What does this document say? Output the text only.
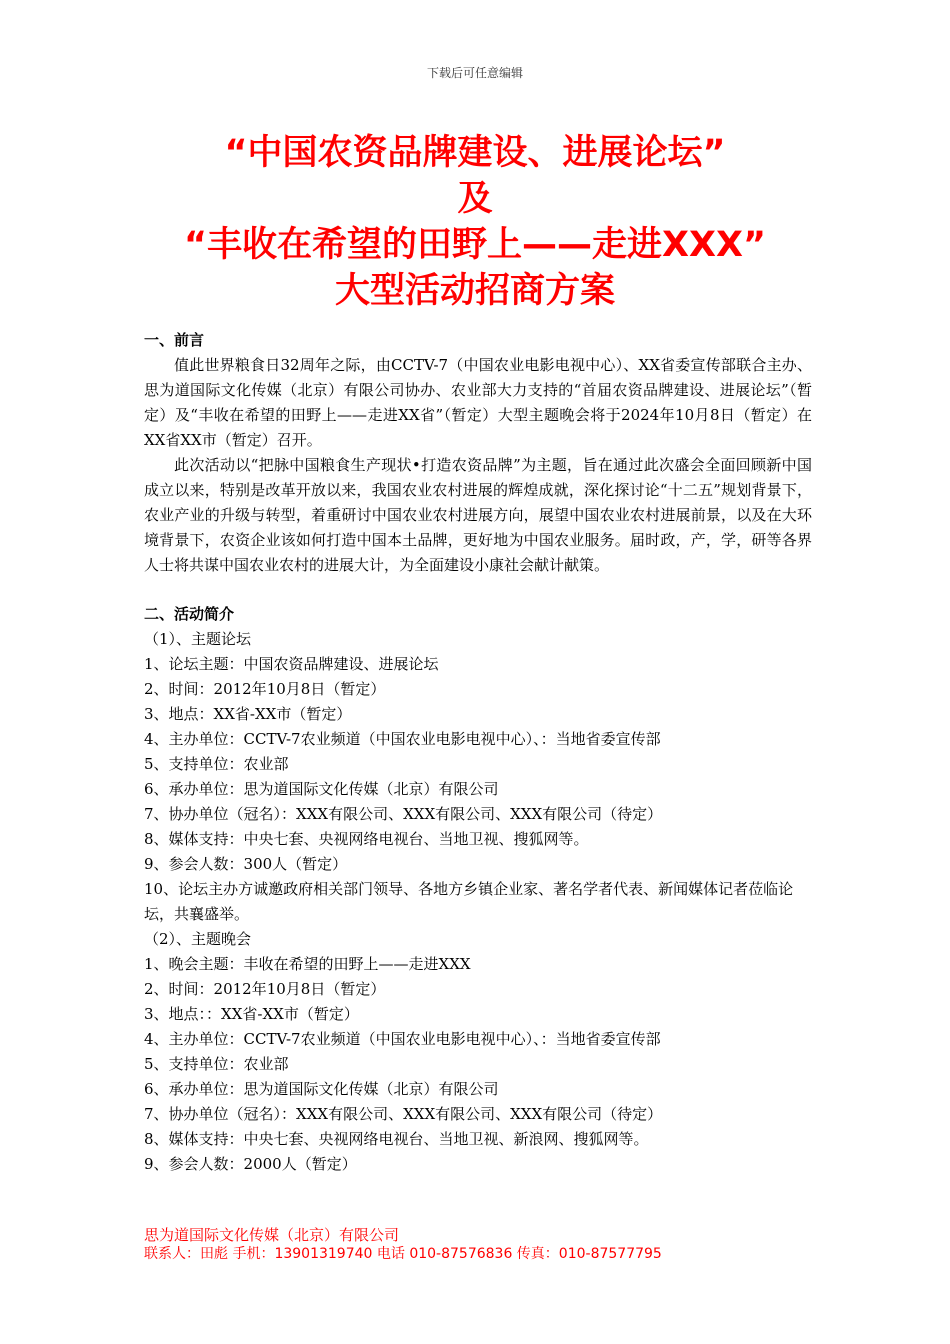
下载后可任意编辑
“中国农资品牌建设、进展论坛”
及
“丰收在希望的田野上——走进XXX”
大型活动招商方案
一、前言
值此世界粮食日32周年之际，由CCTV-7（中国农业电影电视中心）、XX省委宣传部联合主办、思为道国际文化传媒（北京）有限公司协办、农业部大力支持的“首届农资品牌建设、进展论坛”（暂定）及“丰收在希望的田野上——走进XX省”（暂定）大型主题晚会将于2024年10月8日（暂定）在XX省XX市（暂定）召开。
此次活动以“把脉中国粮食生产现状•打造农资品牌”为主题，旨在通过此次盛会全面回顾新中国成立以来，特别是改革开放以来，我国农业农村进展的辉煌成就，深化探讨论“十二五”规划背景下，农业产业的升级与转型，着重研讨中国农业农村进展方向，展望中国农业农村进展前景，以及在大环境背景下，农资企业该如何打造中国本土品牌，更好地为中国农业服务。届时政，产，学，研等各界人士将共谋中国农业农村的进展大计，为全面建设小康社会献计献策。
二、活动简介
（1）、主题论坛
1、论坛主题：中国农资品牌建设、进展论坛
2、时间：2012年10月8日（暂定）
3、地点：XX省-XX市（暂定）
4、主办单位：CCTV-7农业频道（中国农业电影电视中心）、：当地省委宣传部
5、支持单位：农业部
6、承办单位：思为道国际文化传媒（北京）有限公司
7、协办单位（冠名）：XXX有限公司、XXX有限公司、XXX有限公司（待定）
8、媒体支持：中央七套、央视网络电视台、当地卫视、搜狐网等。
9、参会人数：300人（暂定）
10、论坛主办方诚邀政府相关部门领导、各地方乡镇企业家、著名学者代表、新闻媒体记者莅临论坛，共襄盛举。
（2）、主题晚会
1、晚会主题：丰收在希望的田野上——走进XXX
2、时间：2012年10月8日（暂定）
3、地点：：XX省-XX市（暂定）
4、主办单位：CCTV-7农业频道（中国农业电影电视中心）、：当地省委宣传部
5、支持单位：农业部
6、承办单位：思为道国际文化传媒（北京）有限公司
7、协办单位（冠名）：XXX有限公司、XXX有限公司、XXX有限公司（待定）
8、媒体支持：中央七套、央视网络电视台、当地卫视、新浪网、搜狐网等。
9、参会人数：2000人（暂定）
思为道国际文化传媒（北京）有限公司
联系人：田彪 手机：13901319740 电话 010-87576836 传真：010-87577795
